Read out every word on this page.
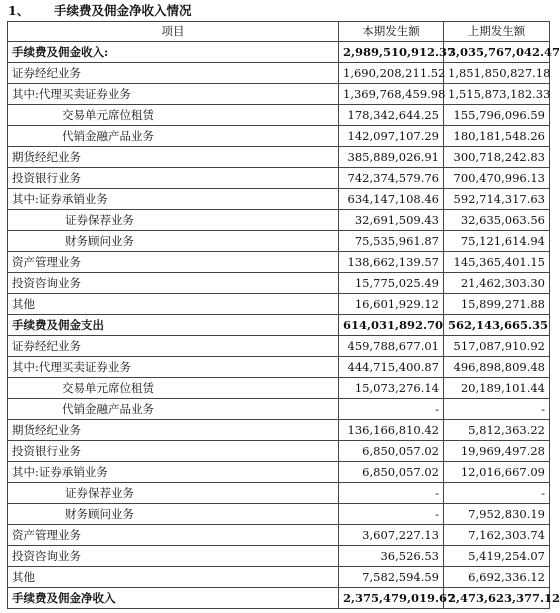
1、 手续费及佣金净收入情况
项目	本期发生额	上期发生额
手续费及佣金收入:	2,989,510,912.37	3,035,767,042.47
证券经纪业务	1,690,208,211.52	1,851,850,827.18
其中:代理买卖证券业务	1,369,768,459.98	1,515,873,182.33
交易单元席位租赁	178,342,644.25	155,796,096.59
代销金融产品业务	142,097,107.29	180,181,548.26
期货经纪业务	385,889,026.91	300,718,242.83
投资银行业务	742,374,579.76	700,470,996.13
其中:证券承销业务	634,147,108.46	592,714,317.63
证券保荐业务	32,691,509.43	32,635,063.56
财务顾问业务	75,535,961.87	75,121,614.94
资产管理业务	138,662,139.57	145,365,401.15
投资咨询业务	15,775,025.49	21,462,303.30
其他	16,601,929.12	15,899,271.88
手续费及佣金支出	614,031,892.70	562,143,665.35
证券经纪业务	459,788,677.01	517,087,910.92
其中:代理买卖证券业务	444,715,400.87	496,898,809.48
交易单元席位租赁	15,073,276.14	20,189,101.44
代销金融产品业务	-	-
期货经纪业务	136,166,810.42	5,812,363.22
投资银行业务	6,850,057.02	19,969,497.28
其中:证券承销业务	6,850,057.02	12,016,667.09
证券保荐业务	-	-
财务顾问业务	-	7,952,830.19
资产管理业务	3,607,227.13	7,162,303.74
投资咨询业务	36,526.53	5,419,254.07
其他	7,582,594.59	6,692,336.12
手续费及佣金净收入	2,375,479,019.67	2,473,623,377.12
